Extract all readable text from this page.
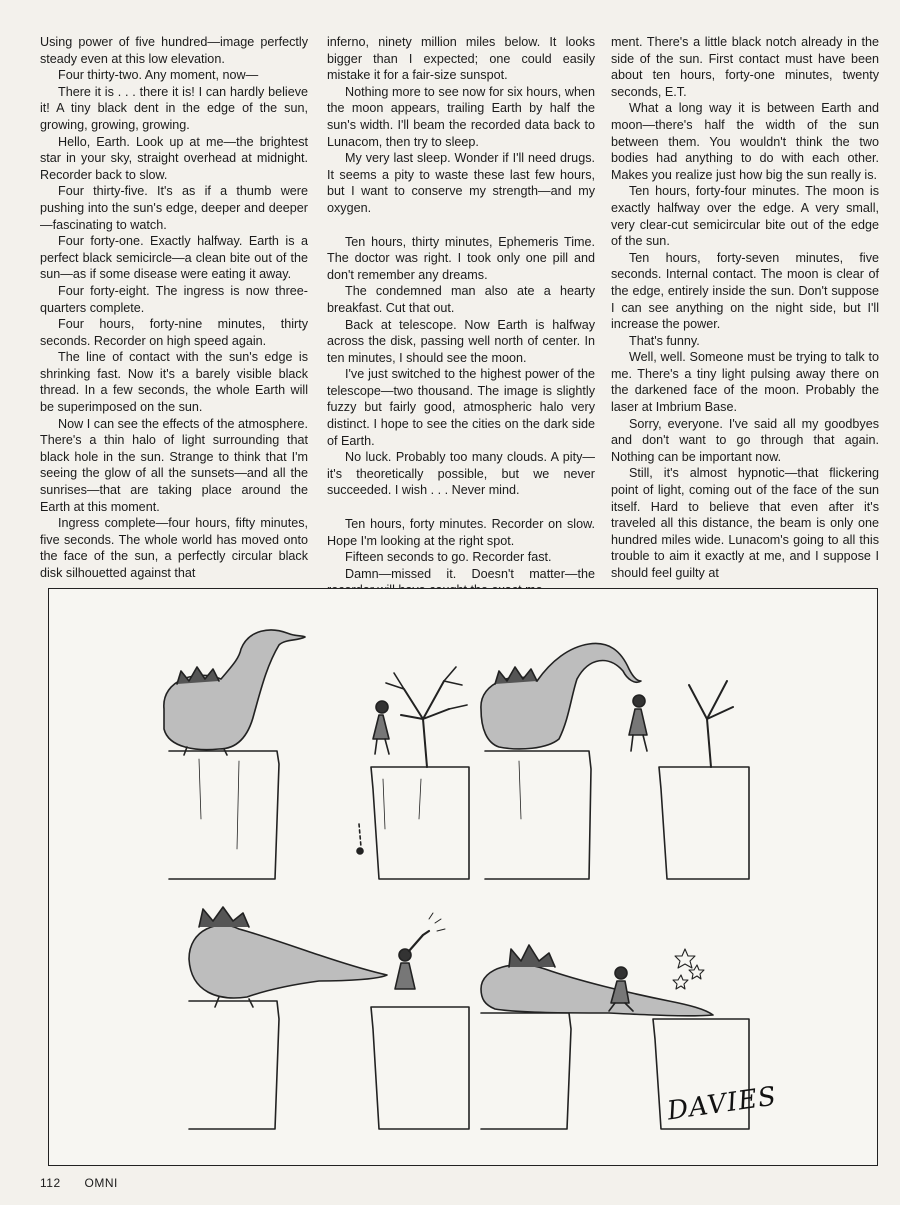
Using power of five hundred—image perfectly steady even at this low elevation.

Four thirty-two. Any moment, now—

There it is . . . there it is! I can hardly believe it! A tiny black dent in the edge of the sun, growing, growing, growing.

Hello, Earth. Look up at me—the brightest star in your sky, straight overhead at midnight. Recorder back to slow.

Four thirty-five. It's as if a thumb were pushing into the sun's edge, deeper and deeper—fascinating to watch.

Four forty-one. Exactly halfway. Earth is a perfect black semicircle—a clean bite out of the sun—as if some disease were eating it away.

Four forty-eight. The ingress is now three-quarters complete.

Four hours, forty-nine minutes, thirty seconds. Recorder on high speed again.

The line of contact with the sun's edge is shrinking fast. Now it's a barely visible black thread. In a few seconds, the whole Earth will be superimposed on the sun.

Now I can see the effects of the atmosphere. There's a thin halo of light surrounding that black hole in the sun. Strange to think that I'm seeing the glow of all the sunsets—and all the sunrises—that are taking place around the Earth at this moment.

Ingress complete—four hours, fifty minutes, five seconds. The whole world has moved onto the face of the sun, a perfectly circular black disk silhouetted against that

inferno, ninety million miles below. It looks bigger than I expected; one could easily mistake it for a fair-size sunspot.

Nothing more to see now for six hours, when the moon appears, trailing Earth by half the sun's width. I'll beam the recorded data back to Lunacom, then try to sleep.

My very last sleep. Wonder if I'll need drugs. It seems a pity to waste these last few hours, but I want to conserve my strength—and my oxygen.

Ten hours, thirty minutes, Ephemeris Time. The doctor was right. I took only one pill and don't remember any dreams.

The condemned man also ate a hearty breakfast. Cut that out.

Back at telescope. Now Earth is halfway across the disk, passing well north of center. In ten minutes, I should see the moon.

I've just switched to the highest power of the telescope—two thousand. The image is slightly fuzzy but fairly good, atmospheric halo very distinct. I hope to see the cities on the dark side of Earth.

No luck. Probably too many clouds. A pity—it's theoretically possible, but we never succeeded. I wish . . . Never mind.

Ten hours, forty minutes. Recorder on slow. Hope I'm looking at the right spot.

Fifteen seconds to go. Recorder fast.

Damn—missed it. Doesn't matter—the

ment. There's a little black notch already in the side of the sun. First contact must have been about ten hours, forty-one minutes, twenty seconds, E.T.

What a long way it is between Earth and moon—there's half the width of the sun between them. You wouldn't think the two bodies had anything to do with each other. Makes you realize just how big the sun really is.

Ten hours, forty-four minutes. The moon is exactly halfway over the edge. A very small, very clear-cut semicircular bite out of the edge of the sun.

Ten hours, forty-seven minutes, five seconds. Internal contact. The moon is clear of the edge, entirely inside the sun. Don't suppose I can see anything on the night side, but I'll increase the power.

That's funny.

Well, well. Someone must be trying to talk to me. There's a tiny light pulsing away there on the darkened face of the moon. Probably the laser at Imbrium Base.

Sorry, everyone. I've said all my goodbyes and don't want to go through that again. Nothing can be important now.

Still, it's almost hypnotic—that flickering point of light, coming out of the face of the sun itself. Hard to believe that even after it's traveled all this distance, the beam is only one hundred miles wide. Lunacom's going to all this trouble to aim it exactly at me, and I suppose I should feel guilty at

DAVIES
112 OMNI
